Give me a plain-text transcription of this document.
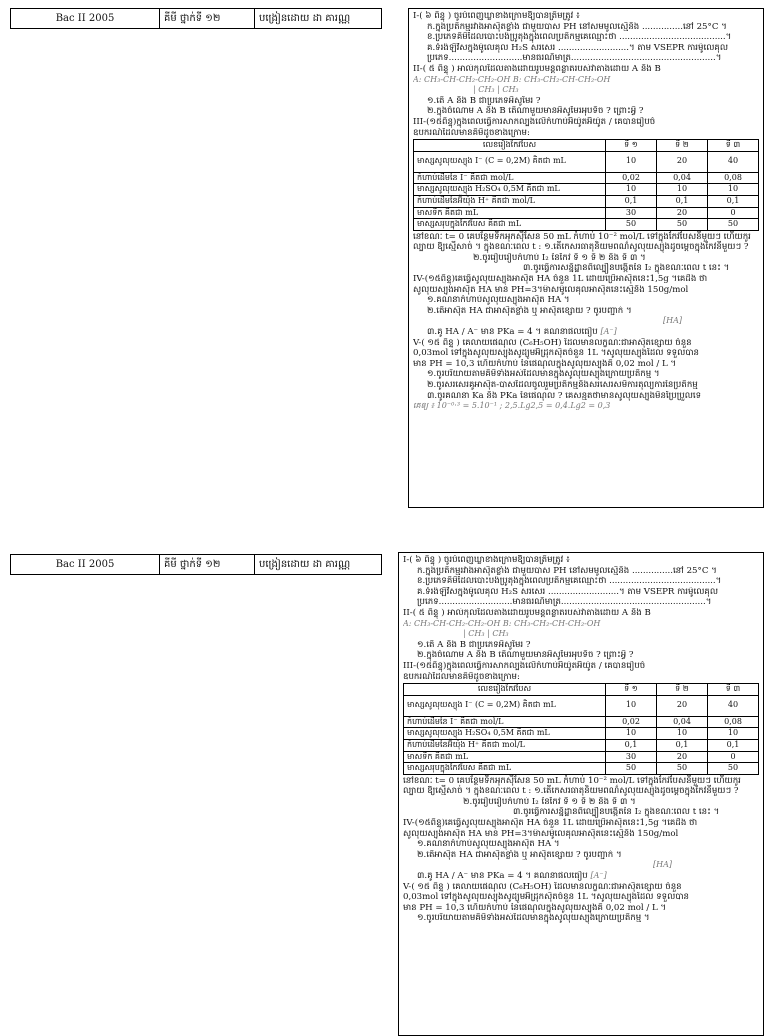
Bac II 2005	គីមី ថ្នាក់ទី ១២	បង្រៀនដោយ ដា គារណ្ណ	I-( ៦ ពិន្ទុ ) ចូរបំពេញឃ្លាខាងក្រោមឱ្យបានត្រឹមត្រូវ ៖
ក.ក្នុងប្រតិកម្មរវាងអាស៊ីតខ្លាំង ជាមួយបាស PH នៅសមមូលស្មើនឹង ...............នៅ 25°C ។
ខ.ប្រភេទគីមីដែលបោះបង់ប្រូតុងក្នុងពេលប្រតិកម្មគេឈ្មោះថា .......................................។
គ.ទំរង់ឡឺវីសក្នុងម៉ូលេគុល H₂S សរសេរ ..........................។ តាម VSEPR ការម៉ូលេគុល
ប្រភេទ...........................មានធរណីមាត្រ.....................................................។
II-( ៥ ពិន្ទុ ) អាល់កុលដែលតាងដោយរូបមន្តពន្លាតរបស់វាតាងដោយ A និង B
A: CH₃-CH-CH₂-CH₂-OH B: CH₃-CH₂-CH-CH₂-OH
| CH₃ | CH₃
១.តើ A និង B ជាប្រភេទអីសូមែរ ?
២.ក្នុងចំណោម A និង B តើណាមួយមានអីសូមែរអុបទិច ? ព្រោះអ្វី ?
III-(១៥ពិន្ទុ)ក្នុងពេលធ្វើការសាកល្បងលើកំហាប់អ៊ីយ៉ូតអ៊ីយ៉ូត / គេបានរៀបចំ
ឧបករណ៍ដែលមានគីមីដូចខាងក្រោម:
លេខរៀងកែវបែស	ទី ១	ទី ២	ទី ៣
មាស្សសូលុយស្យុង I⁻ (C = 0,2M) គិតជា mL	10	20	40
កំហាប់ដើមនៃ I⁻ គិតជា mol/L	0,02	0,04	0,08
មាស្សសូលុយស្យុង H₂SO₄ 0,5M គិតជា mL	10	10	10
កំហាប់ដើមនៃអ៊ីយ៉ុង H⁺ គិតជា mol/L	0,1	0,1	0,1
មាសទឹក គិតជា mL	30	20	0
មាស្សសរុបក្នុងកែវបែស គិតជា mL	50	50	50
នៅខណៈ t= 0 គេបន្ថែមទឹកអុកស៊ីសែន 50 mL កំហាប់ 10⁻² mol/L ទៅក្នុងកែវបែសនីមួយៗ ហើយកូរល្បាយ ឱ្យស្មើសាច់ ។ ក្នុងខណៈពេល t : ១.តើកេសរធាតុនិយមពណ៌សូលុយស្យុងដូចម្តេចក្នុងកែវនីមួយៗ ?
២.ចូររៀបរៀបកំហាប់ I₂ នៃកែវ ទី ១ ទី ២ និង ទី ៣ ។
៣.ចូរធ្វើការសន្និដ្ឋានពីល្បឿនបង្កើតនៃ I₂ ក្នុងខណៈពេល t នេះ ។
IV-(១៥ពិន្ទុ)គេធ្វើសូលុយស្យុងអាស៊ីត HA ចំនួន 1L ដោយប្រើអាស៊ីតនេះ1,5g ។គេដឹង ថា
សូលុយស្យុងអាស៊ីត HA មាន PH=3។ម៉ាសម៉ូលេគុលអាស៊ីតនេះស្មើនឹង 150g/mol
១.គណនាកំហាប់សូលុយស្យុងអាស៊ីត HA ។
២.តើអាស៊ីត HA ជាអាស៊ីតខ្លាំង ឬ អាស៊ីតខ្សោយ ? ចូរបញ្ជាក់ ។
[HA]
៣.គូ HA / A⁻ មាន PKa = 4 ។ គណនាផលធៀប [A⁻]
V-( ១៥ ពិន្ទុ ) គេលាយផេណុល (C₆H₅OH) ដែលមានលក្ខណៈជាអាស៊ីតខ្សោយ ចំនួន
0,03mol ទៅក្នុងសូលុយស្យុងសូដ្យូមអ៊ីដ្រុកស៊ីតចំនួន 1L ។សូលុយស្យុងដែល ទទួលបាន
មាន PH = 10,3 ហើយកំហាប់ នៃផេណុលក្នុងសូលុយស្យុងគឺ 0,02 mol / L ។
១.ចូរបរិយាយតាមគីមីទាំងអស់ដែលមានក្នុងសូលុយស្យុងក្រោយប្រតិកម្ម ។
២.ចូរសរសេរគូអាស៊ីត-បាសដែលចូលរួមប្រតិកម្មនិងសរសេរសមីការតុល្យការនៃប្រតិកម្ម
៣.ចូរគណនា Ka និង PKa នៃផេណុល ? គេសន្មតថាមានសូលុយស្យុងមិនប្រែប្រួលទេ
គេឲ្យ ៖ 10⁻⁰·³ = 5.10⁻¹ ; 2,5.Lg2,5 = 0,4.Lg2 = 0,3
Bac II 2005	គីមី ថ្នាក់ទី ១២	បង្រៀនដោយ ដា គារណ្ណ	I-( ៦ ពិន្ទុ ) ចូរបំពេញឃ្លាខាងក្រោមឱ្យបានត្រឹមត្រូវ ៖
ក.ក្នុងប្រតិកម្មរវាងអាស៊ីតខ្លាំង ជាមួយបាស PH នៅសមមូលស្មើនឹង ...............នៅ 25°C ។
ខ.ប្រភេទគីមីដែលបោះបង់ប្រូតុងក្នុងពេលប្រតិកម្មគេឈ្មោះថា .......................................។
គ.ទំរង់ឡឺវីសក្នុងម៉ូលេគុល H₂S សរសេរ ..........................។ តាម VSEPR ការម៉ូលេគុល
ប្រភេទ...........................មានធរណីមាត្រ.....................................................។
II-( ៥ ពិន្ទុ ) អាល់កុលដែលតាងដោយរូបមន្តពន្លាតរបស់វាតាងដោយ A និង B
A: CH₃-CH-CH₂-CH₂-OH B: CH₃-CH₂-CH-CH₂-OH
| CH₃ | CH₃
១.តើ A និង B ជាប្រភេទអីសូមែរ ?
២.ក្នុងចំណោម A និង B តើណាមួយមានអីសូមែរអុបទិច ? ព្រោះអ្វី ?
III-(១៥ពិន្ទុ)ក្នុងពេលធ្វើការសាកល្បងលើកំហាប់អ៊ីយ៉ូតអ៊ីយ៉ូត / គេបានរៀបចំ
ឧបករណ៍ដែលមានគីមីដូចខាងក្រោម:
លេខរៀងកែវបែស	ទី ១	ទី ២	ទី ៣
មាស្សសូលុយស្យុង I⁻ (C = 0,2M) គិតជា mL	10	20	40
កំហាប់ដើមនៃ I⁻ គិតជា mol/L	0,02	0,04	0,08
មាស្សសូលុយស្យុង H₂SO₄ 0,5M គិតជា mL	10	10	10
កំហាប់ដើមនៃអ៊ីយ៉ុង H⁺ គិតជា mol/L	0,1	0,1	0,1
មាសទឹក គិតជា mL	30	20	0
មាស្សសរុបក្នុងកែវបែស គិតជា mL	50	50	50
នៅខណៈ t= 0 គេបន្ថែមទឹកអុកស៊ីសែន 50 mL កំហាប់ 10⁻² mol/L ទៅក្នុងកែវបែសនីមួយៗ ហើយកូរល្បាយ ឱ្យស្មើសាច់ ។ ក្នុងខណៈពេល t : ១.តើកេសរធាតុនិយមពណ៌សូលុយស្យុងដូចម្តេចក្នុងកែវនីមួយៗ ?
២.ចូររៀបរៀបកំហាប់ I₂ នៃកែវ ទី ១ ទី ២ និង ទី ៣ ។
៣.ចូរធ្វើការសន្និដ្ឋានពីល្បឿនបង្កើតនៃ I₂ ក្នុងខណៈពេល t នេះ ។
IV-(១៥ពិន្ទុ)គេធ្វើសូលុយស្យុងអាស៊ីត HA ចំនួន 1L ដោយប្រើអាស៊ីតនេះ1,5g ។គេដឹង ថា
សូលុយស្យុងអាស៊ីត HA មាន PH=3។ម៉ាសម៉ូលេគុលអាស៊ីតនេះស្មើនឹង 150g/mol
១.គណនាកំហាប់សូលុយស្យុងអាស៊ីត HA ។
២.តើអាស៊ីត HA ជាអាស៊ីតខ្លាំង ឬ អាស៊ីតខ្សោយ ? ចូរបញ្ជាក់ ។
[HA]
៣.គូ HA / A⁻ មាន PKa = 4 ។ គណនាផលធៀប [A⁻]
V-( ១៥ ពិន្ទុ ) គេលាយផេណុល (C₆H₅OH) ដែលមានលក្ខណៈជាអាស៊ីតខ្សោយ ចំនួន
0,03mol ទៅក្នុងសូលុយស្យុងសូដ្យូមអ៊ីដ្រុកស៊ីតចំនួន 1L ។សូលុយស្យុងដែល ទទួលបាន
មាន PH = 10,3 ហើយកំហាប់ នៃផេណុលក្នុងសូលុយស្យុងគឺ 0,02 mol / L ។
១.ចូរបរិយាយតាមគីមីទាំងអស់ដែលមានក្នុងសូលុយស្យុងក្រោយប្រតិកម្ម ។
